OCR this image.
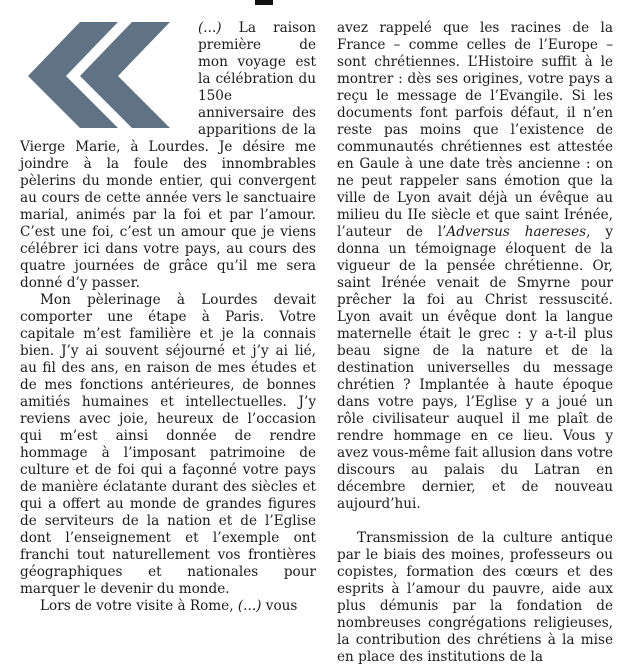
(...) La raison première de mon voyage est la célébration du 150e anniversaire des apparitions de la Vierge Marie, à Lourdes. Je désire me joindre à la foule des innombrables pèlerins du monde entier, qui convergent au cours de cette année vers le sanctuaire marial, animés par la foi et par l’amour. C’est une foi, c’est un amour que je viens célébrer ici dans votre pays, au cours des quatre journées de grâce qu’il me sera donné d’y passer.

Mon pèlerinage à Lourdes devait comporter une étape à Paris. Votre capitale m’est familière et je la connais bien. J’y ai souvent séjourné et j’y ai lié, au fil des ans, en raison de mes études et de mes fonctions antérieures, de bonnes amitiés humaines et intellectuelles. J’y reviens avec joie, heureux de l’occasion qui m’est ainsi donnée de rendre hommage à l’imposant patrimoine de culture et de foi qui a façonné votre pays de manière éclatante durant des siècles et qui a offert au monde de grandes figures de serviteurs de la nation et de l’Eglise dont l’enseignement et l’exemple ont franchi tout naturellement vos frontières géographiques et nationales pour marquer le devenir du monde.

Lors de votre visite à Rome, (...) vous

avez rappelé que les racines de la France – comme celles de l’Europe – sont chrétiennes. L’Histoire suffit à le montrer : dès ses origines, votre pays a reçu le message de l’Evangile. Si les documents font parfois défaut, il n’en reste pas moins que l’existence de communautés chrétiennes est attestée en Gaule à une date très ancienne : on ne peut rappeler sans émotion que la ville de Lyon avait déjà un évêque au milieu du IIe siècle et que saint Irénée, l’auteur de l’Adversus haereses, y donna un témoignage éloquent de la vigueur de la pensée chrétienne. Or, saint Irénée venait de Smyrne pour prêcher la foi au Christ ressuscité. Lyon avait un évêque dont la langue maternelle était le grec : y a-t-il plus beau signe de la nature et de la destination universelles du message chrétien ? Implantée à haute époque dans votre pays, l’Eglise y a joué un rôle civilisateur auquel il me plaît de rendre hommage en ce lieu. Vous y avez vous-même fait allusion dans votre discours au palais du Latran en décembre dernier, et de nouveau aujourd’hui.

Transmission de la culture antique par le biais des moines, professeurs ou copistes, formation des cœurs et des esprits à l’amour du pauvre, aide aux plus démunis par la fondation de nombreuses congrégations religieuses, la contribution des chrétiens à la mise en place des institutions de la
